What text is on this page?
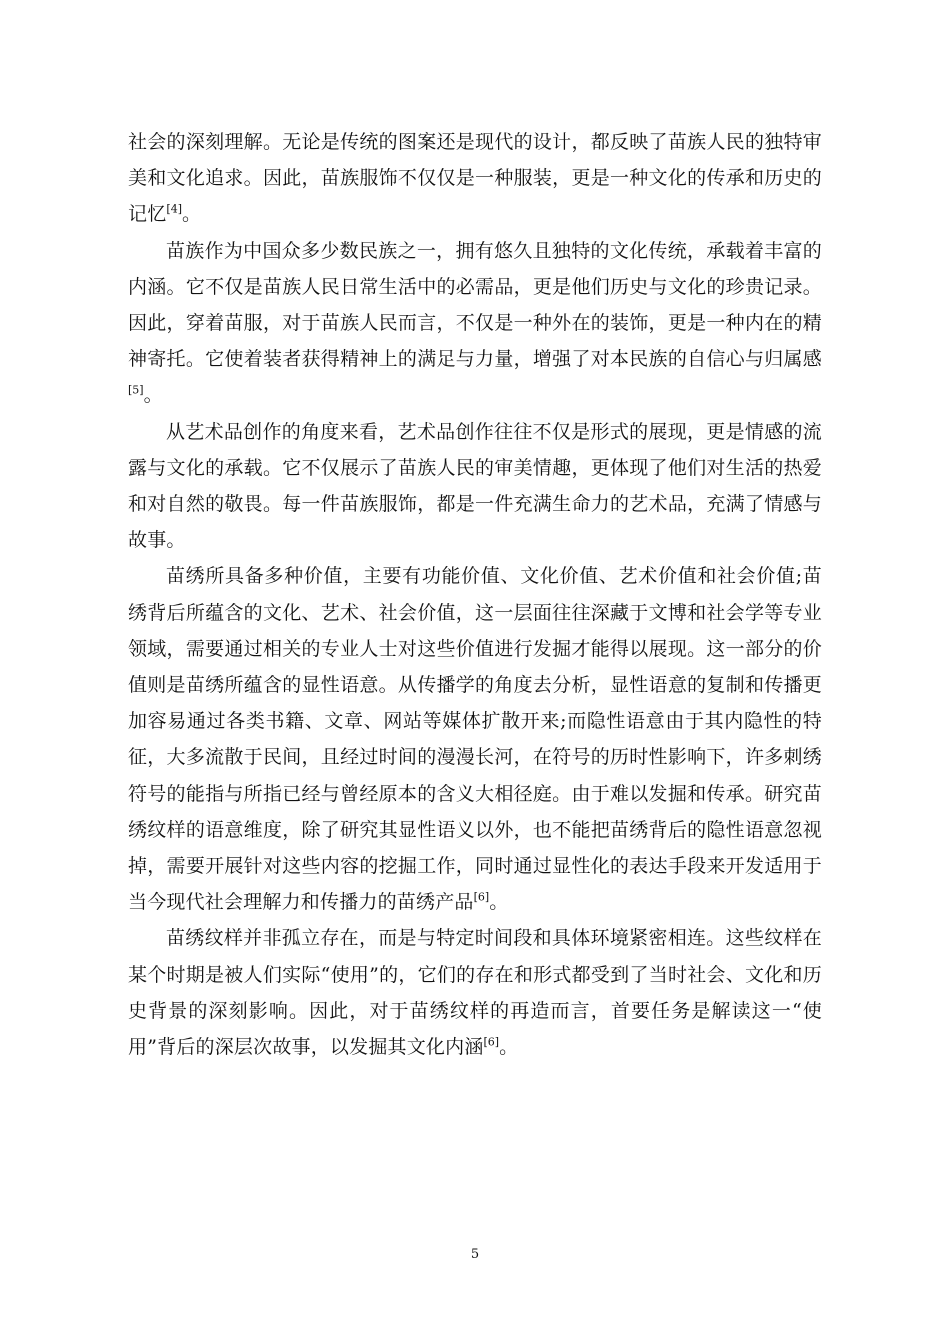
社会的深刻理解。无论是传统的图案还是现代的设计，都反映了苗族人民的独特审美和文化追求。因此，苗族服饰不仅仅是一种服装，更是一种文化的传承和历史的记忆[4]。

苗族作为中国众多少数民族之一，拥有悠久且独特的文化传统，承载着丰富的内涵。它不仅是苗族人民日常生活中的必需品，更是他们历史与文化的珍贵记录。因此，穿着苗服，对于苗族人民而言，不仅是一种外在的装饰，更是一种内在的精神寄托。它使着装者获得精神上的满足与力量，增强了对本民族的自信心与归属感[5]。

从艺术品创作的角度来看，艺术品创作往往不仅是形式的展现，更是情感的流露与文化的承载。它不仅展示了苗族人民的审美情趣，更体现了他们对生活的热爱和对自然的敬畏。每一件苗族服饰，都是一件充满生命力的艺术品，充满了情感与故事。

苗绣所具备多种价值，主要有功能价值、文化价值、艺术价值和社会价值;苗绣背后所蕴含的文化、艺术、社会价值，这一层面往往深藏于文博和社会学等专业领域，需要通过相关的专业人士对这些价值进行发掘才能得以展现。这一部分的价值则是苗绣所蕴含的显性语意。从传播学的角度去分析，显性语意的复制和传播更加容易通过各类书籍、文章、网站等媒体扩散开来;而隐性语意由于其内隐性的特征，大多流散于民间，且经过时间的漫漫长河，在符号的历时性影响下，许多刺绣符号的能指与所指已经与曾经原本的含义大相径庭。由于难以发掘和传承。研究苗绣纹样的语意维度，除了研究其显性语义以外，也不能把苗绣背后的隐性语意忽视掉，需要开展针对这些内容的挖掘工作，同时通过显性化的表达手段来开发适用于当今现代社会理解力和传播力的苗绣产品[6]。

苗绣纹样并非孤立存在，而是与特定时间段和具体环境紧密相连。这些纹样在某个时期是被人们实际“使用”的，它们的存在和形式都受到了当时社会、文化和历史背景的深刻影响。因此，对于苗绣纹样的再造而言，首要任务是解读这一“使用”背后的深层次故事，以发掘其文化内涵[6]。

5
